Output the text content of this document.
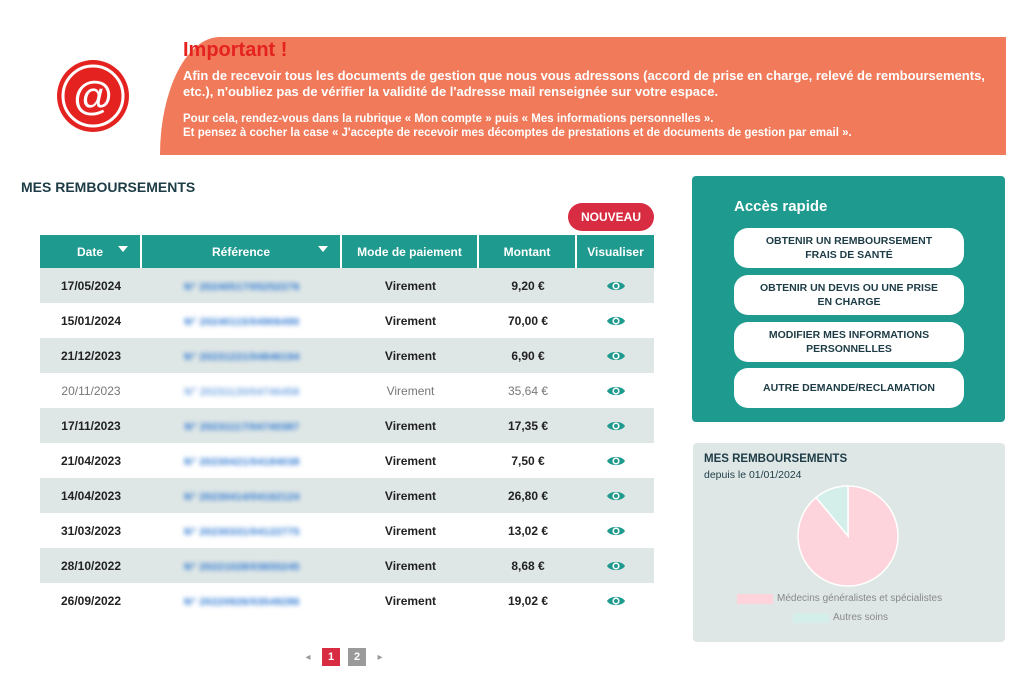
@
Important !
Afin de recevoir tous les documents de gestion que nous vous adressons (accord de prise en charge, relevé de remboursements, etc.), n'oubliez pas de vérifier la validité de l'adresse mail renseignée sur votre espace.
Pour cela, rendez-vous dans la rubrique « Mon compte » puis « Mes informations personnelles ».
Et pensez à cocher la case « J'accepte de recevoir mes décomptes de prestations et de documents de gestion par email ».
MES REMBOURSEMENTS
NOUVEAU
Date	Référence	Mode de paiement	Montant	Visualiser
17/05/2024	N° 20240517/05252276	Virement	9,20 €	
15/01/2024	N° 20240115/04906490	Virement	70,00 €	
21/12/2023	N° 20231221/04846194	Virement	6,90 €	
20/11/2023	N° 20231120/04746458	Virement	35,64 €	
17/11/2023	N° 20231117/04740387	Virement	17,35 €	
21/04/2023	N° 20230421/04184038	Virement	7,50 €	
14/04/2023	N° 20230414/04162124	Virement	26,80 €	
31/03/2023	N° 20230331/04122775	Virement	13,02 €	
28/10/2022	N° 20221028/03655245	Virement	8,68 €	
26/09/2022	N° 20220926/03549286	Virement	19,02 €	
◂	1	2	▸
Accès rapide
OBTENIR UN REMBOURSEMENT FRAIS DE SANTÉ
OBTENIR UN DEVIS OU UNE PRISE EN CHARGE
MODIFIER MES INFORMATIONS PERSONNELLES
AUTRE DEMANDE/RECLAMATION
MES REMBOURSEMENTS
depuis le 01/01/2024
Médecins généralistes et spécialistes
Autres soins
